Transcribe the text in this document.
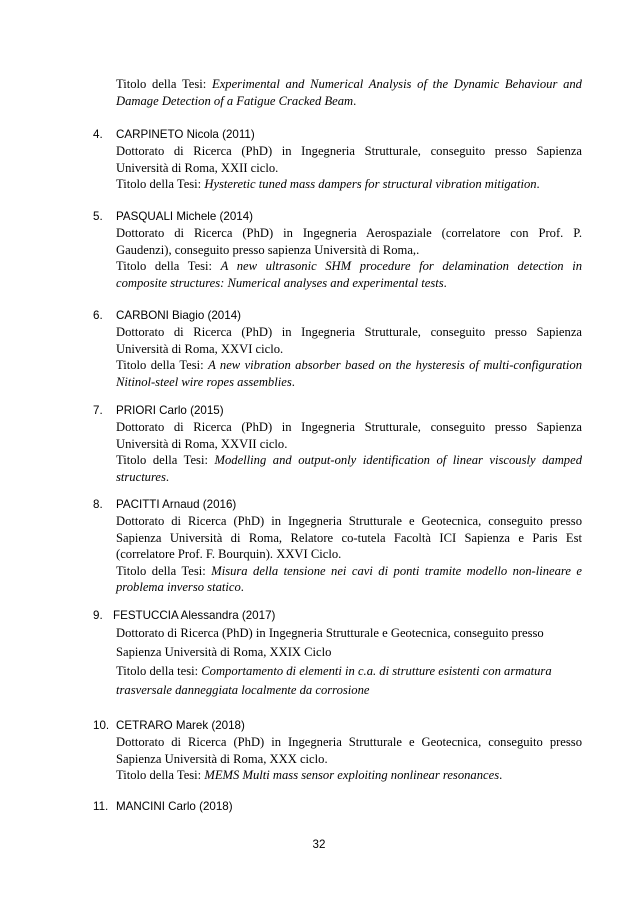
Titolo della Tesi: Experimental and Numerical Analysis of the Dynamic Behaviour and
Damage Detection of a Fatigue Cracked Beam.
4. CARPINETO Nicola (2011)
Dottorato di Ricerca (PhD) in Ingegneria Strutturale, conseguito presso Sapienza
Università di Roma, XXII ciclo.
Titolo della Tesi: Hysteretic tuned mass dampers for structural vibration mitigation.
5. PASQUALI Michele (2014)
Dottorato di Ricerca (PhD) in Ingegneria Aerospaziale (correlatore con Prof. P.
Gaudenzi), conseguito presso sapienza Università di Roma,.
Titolo della Tesi: A new ultrasonic SHM procedure for delamination detection in
composite structures: Numerical analyses and experimental tests.
6. CARBONI Biagio (2014)
Dottorato di Ricerca (PhD) in Ingegneria Strutturale, conseguito presso Sapienza
Università di Roma, XXVI ciclo.
Titolo della Tesi: A new vibration absorber based on the hysteresis of multi-configuration
Nitinol-steel wire ropes assemblies.
7. PRIORI Carlo (2015)
Dottorato di Ricerca (PhD) in Ingegneria Strutturale, conseguito presso Sapienza
Università di Roma, XXVII ciclo.
Titolo della Tesi: Modelling and output-only identification of linear viscously damped
structures.
8. PACITTI Arnaud (2016)
Dottorato di Ricerca (PhD) in Ingegneria Strutturale e Geotecnica, conseguito presso
Sapienza Università di Roma, Relatore co-tutela Facoltà ICI Sapienza e Paris Est
(correlatore Prof. F. Bourquin). XXVI Ciclo.
Titolo della Tesi: Misura della tensione nei cavi di ponti tramite modello non-lineare e
problema inverso statico.
9. FESTUCCIA Alessandra (2017)
Dottorato di Ricerca (PhD) in Ingegneria Strutturale e Geotecnica, conseguito presso
Sapienza Università di Roma, XXIX Ciclo
Titolo della tesi: Comportamento di elementi in c.a. di strutture esistenti con armatura
trasversale danneggiata localmente da corrosione
10. CETRARO Marek (2018)
Dottorato di Ricerca (PhD) in Ingegneria Strutturale e Geotecnica, conseguito presso
Sapienza Università di Roma, XXX ciclo.
Titolo della Tesi: MEMS Multi mass sensor exploiting nonlinear resonances.
11. MANCINI Carlo (2018)
32
